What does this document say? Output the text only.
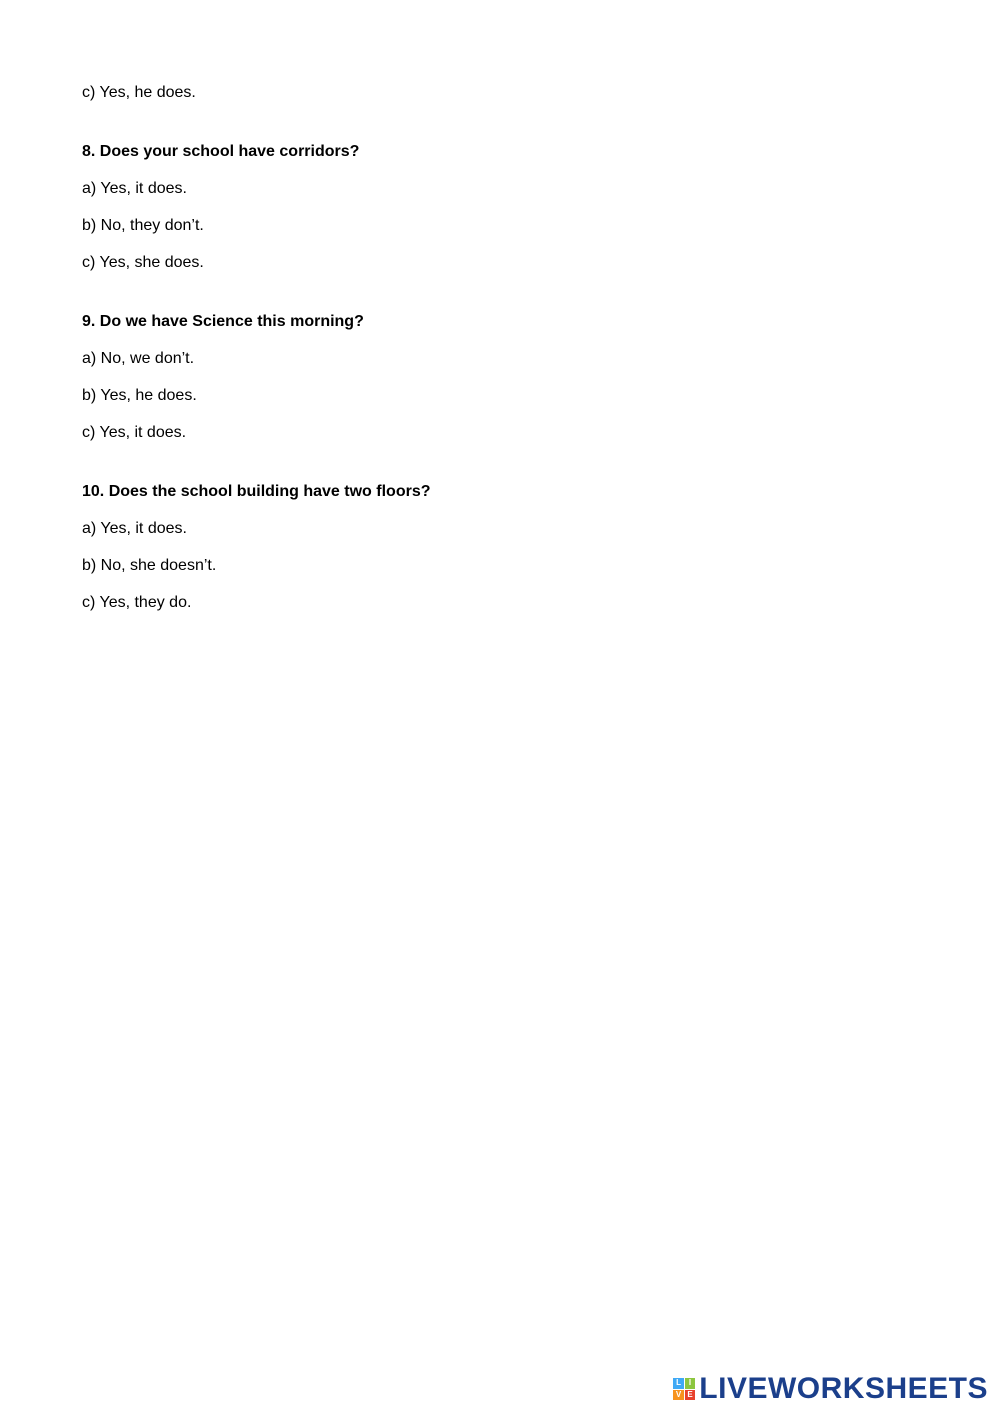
c) Yes, he does.
8. Does your school have corridors?
a) Yes, it does.
b) No, they don’t.
c) Yes, she does.
9. Do we have Science this morning?
a) No, we don’t.
b) Yes, he does.
c) Yes, it does.
10. Does the school building have two floors?
a) Yes, it does.
b) No, she doesn’t.
c) Yes, they do.
L I
V E LIVEWORKSHEETS
